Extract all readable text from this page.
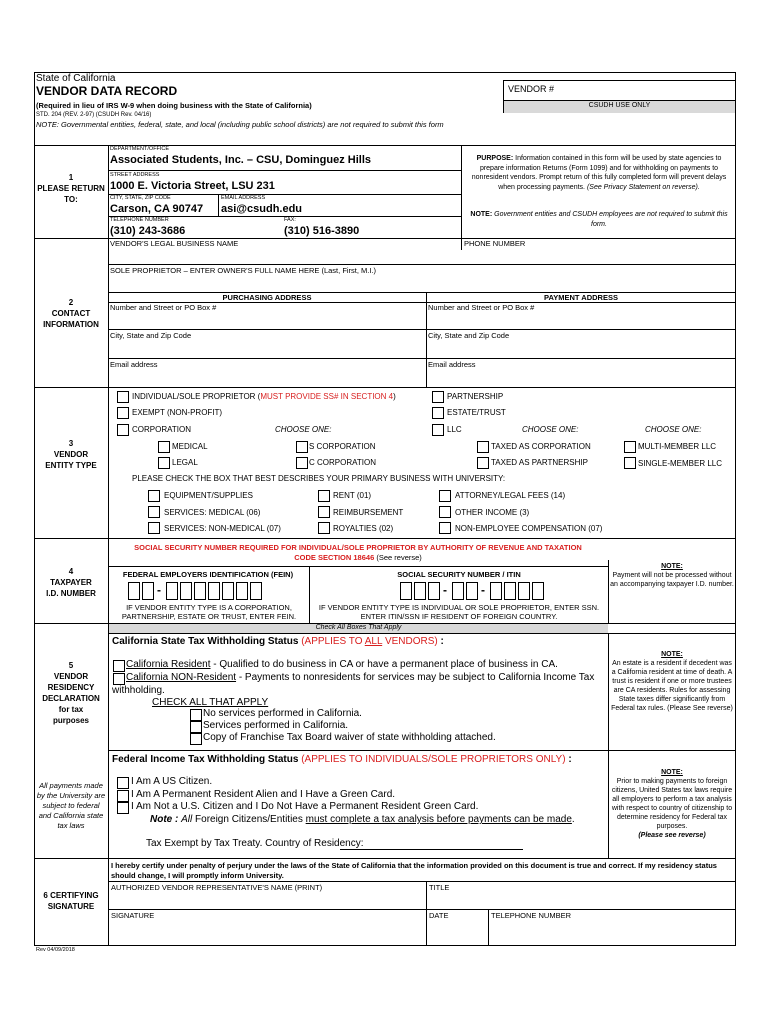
State of California
VENDOR DATA RECORD
(Required in lieu of IRS W-9 when doing business with the State of California)
STD. 204 (REV. 2-97) (CSUDH Rev. 04/16)
NOTE: Governmental entities, federal, state, and local (including public school districts) are not required to submit this form
VENDOR #
CSUDH USE ONLY
1
PLEASE RETURN TO:
DEPARTMENT/OFFICE
Associated Students, Inc. – CSU, Dominguez Hills
STREET ADDRESS
1000 E. Victoria Street, LSU 231
CITY, STATE, ZIP CODE
Carson, CA 90747
EMAIL ADDRESS
asi@csudh.edu
TELEPHONE NUMBER
(310) 243-3686
FAX:
(310) 516-3890
PURPOSE: Information contained in this form will be used by state agencies to prepare information Returns (Form 1099) and for withholding on payments to nonresident vendors. Prompt return of this fully completed form will prevent delays when processing payments. (See Privacy Statement on reverse).
NOTE: Government entities and CSUDH employees are not required to submit this form.
VENDOR'S LEGAL BUSINESS NAME	PHONE NUMBER
SOLE PROPRIETOR – ENTER OWNER'S FULL NAME HERE (Last, First, M.I.)
2
CONTACT INFORMATION
PURCHASING ADDRESS	PAYMENT ADDRESS
Number and Street or PO Box #	Number and Street or PO Box #
City, State and Zip Code	City, State and Zip Code
Email address	Email address
3
VENDOR ENTITY TYPE
INDIVIDUAL/SOLE PROPRIETOR (MUST PROVIDE SS# IN SECTION 4)
EXEMPT (NON-PROFIT)
CORPORATION	CHOOSE ONE:
MEDICAL
LEGAL
S CORPORATION
C CORPORATION
PARTNERSHIP
ESTATE/TRUST
LLC	CHOOSE ONE:	CHOOSE ONE:
TAXED AS CORPORATION
TAXED AS PARTNERSHIP
MULTI-MEMBER LLC
SINGLE-MEMBER LLC
PLEASE CHECK THE BOX THAT BEST DESCRIBES YOUR PRIMARY BUSINESS WITH UNIVERSITY:
EQUIPMENT/SUPPLIES
SERVICES: MEDICAL (06)
SERVICES: NON-MEDICAL (07)
RENT (01)
REIMBURSEMENT
ROYALTIES (02)
ATTORNEY/LEGAL FEES (14)
OTHER INCOME (3)
NON-EMPLOYEE COMPENSATION (07)
4
TAXPAYER I.D. NUMBER
SOCIAL SECURITY NUMBER REQUIRED FOR INDIVIDUAL/SOLE PROPRIETOR BY AUTHORITY OF REVENUE AND TAXATION
CODE SECTION 18646 (See reverse)
NOTE:
Payment will not be processed without an accompanying taxpayer I.D. number.
FEDERAL EMPLOYERS IDENTIFICATION (FEIN)	SOCIAL SECURITY NUMBER / ITIN
-	-	-
IF VENDOR ENTITY TYPE IS A CORPORATION, PARTNERSHIP, ESTATE OR TRUST, ENTER FEIN.
IF VENDOR ENTITY TYPE IS INDIVIDUAL OR SOLE PROPRIETOR, ENTER SSN. ENTER ITIN/SSN IF RESIDENT OF FOREIGN COUNTRY.
Check All Boxes That Apply
5
VENDOR RESIDENCY DECLARATION for tax purposes
California State Tax Withholding Status (APPLIES TO ALL VENDORS) :
California Resident - Qualified to do business in CA or have a permanent place of business in CA.
California NON-Resident - Payments to nonresidents for services may be subject to California Income Tax
withholding.
CHECK ALL THAT APPLY
No services performed in California.
Services performed in California.
Copy of Franchise Tax Board waiver of state withholding attached.
NOTE:
An estate is a resident if decedent was a California resident at time of death. A trust is resident if one or more trustees are CA residents. Rules for assessing State taxes differ significantly from Federal tax rules. (Please See reverse)
Federal Income Tax Withholding Status (APPLIES TO INDIVIDUALS/SOLE PROPRIETORS ONLY) :
I Am A US Citizen.
I Am A Permanent Resident Alien and I Have a Green Card.
I Am Not a U.S. Citizen and I Do Not Have a Permanent Resident Green Card.
Note : All Foreign Citizens/Entities must complete a tax analysis before payments can be made.
Tax Exempt by Tax Treaty. Country of Residency:
All payments made by the University are subject to federal and California state tax laws
NOTE:
Prior to making payments to foreign citizens, United States tax laws require all employers to perform a tax analysis with respect to country of citizenship to determine residency for Federal tax purposes.
(Please see reverse)
I hereby certify under penalty of perjury under the laws of the State of California that the information provided on this document is true and correct. If my residency status should change, I will promptly inform University.
6 CERTIFYING SIGNATURE
AUTHORIZED VENDOR REPRESENTATIVE'S NAME (PRINT)	TITLE
SIGNATURE	DATE	TELEPHONE NUMBER
Rev 04/09/2018
